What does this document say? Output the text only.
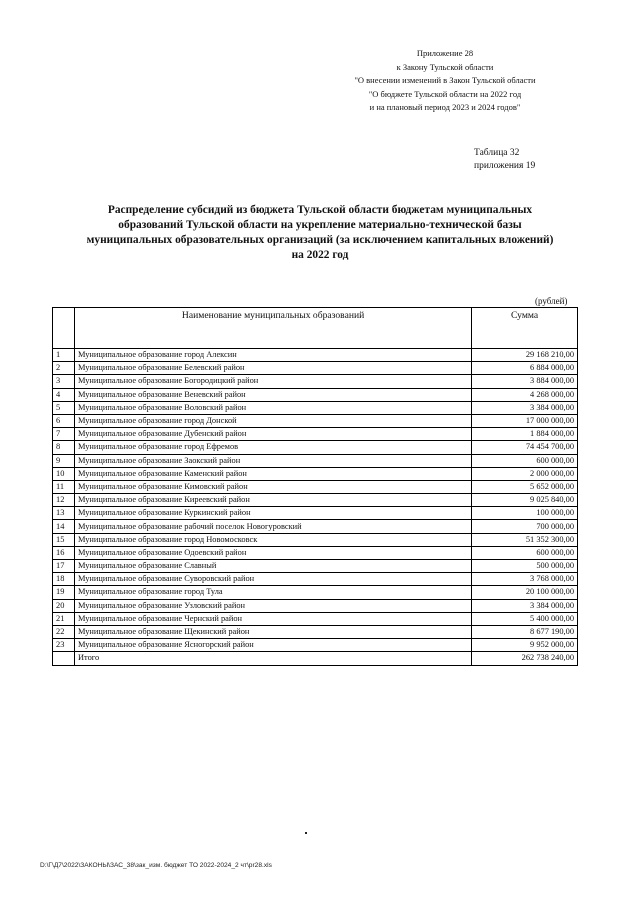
Приложение 28
к Закону Тульской области
"О внесении изменений в Закон Тульской области
"О бюджете Тульской области на 2022 год
и на плановый период 2023 и 2024 годов"
Таблица 32
приложения 19
Распределение субсидий из бюджета Тульской области бюджетам муниципальных
образований Тульской области на укрепление материально-технической базы
муниципальных образовательных организаций (за исключением капитальных вложений)
на 2022 год
(рублей)
	Наименование муниципальных образований	Сумма
1	Муниципальное образование город Алексин	29 168 210,00
2	Муниципальное образование Белевский район	6 884 000,00
3	Муниципальное образование Богородицкий район	3 884 000,00
4	Муниципальное образование Веневский район	4 268 000,00
5	Муниципальное образование Воловский район	3 384 000,00
6	Муниципальное образование город Донской	17 000 000,00
7	Муниципальное образование Дубенский район	1 884 000,00
8	Муниципальное образование город Ефремов	74 454 700,00
9	Муниципальное образование Заокский район	600 000,00
10	Муниципальное образование Каменский район	2 000 000,00
11	Муниципальное образование Кимовский район	5 652 000,00
12	Муниципальное образование Киреевский район	9 025 840,00
13	Муниципальное образование Куркинский район	100 000,00
14	Муниципальное образование рабочий поселок Новогуровский	700 000,00
15	Муниципальное образование город Новомосковск	51 352 300,00
16	Муниципальное образование Одоевский район	600 000,00
17	Муниципальное образование Славный	500 000,00
18	Муниципальное образование Суворовский район	3 768 000,00
19	Муниципальное образование город Тула	20 100 000,00
20	Муниципальное образование Узловский район	3 384 000,00
21	Муниципальное образование Чернский район	5 400 000,00
22	Муниципальное образование Щекинский район	8 677 190,00
23	Муниципальное образование Ясногорский район	9 952 000,00
	Итого	262 738 240,00
D:\Г\Д7\2022\ЗАКОНЫ\ЗАС_38\зак_изм. бюджет ТО 2022-2024_2 чт\pr28.xls
